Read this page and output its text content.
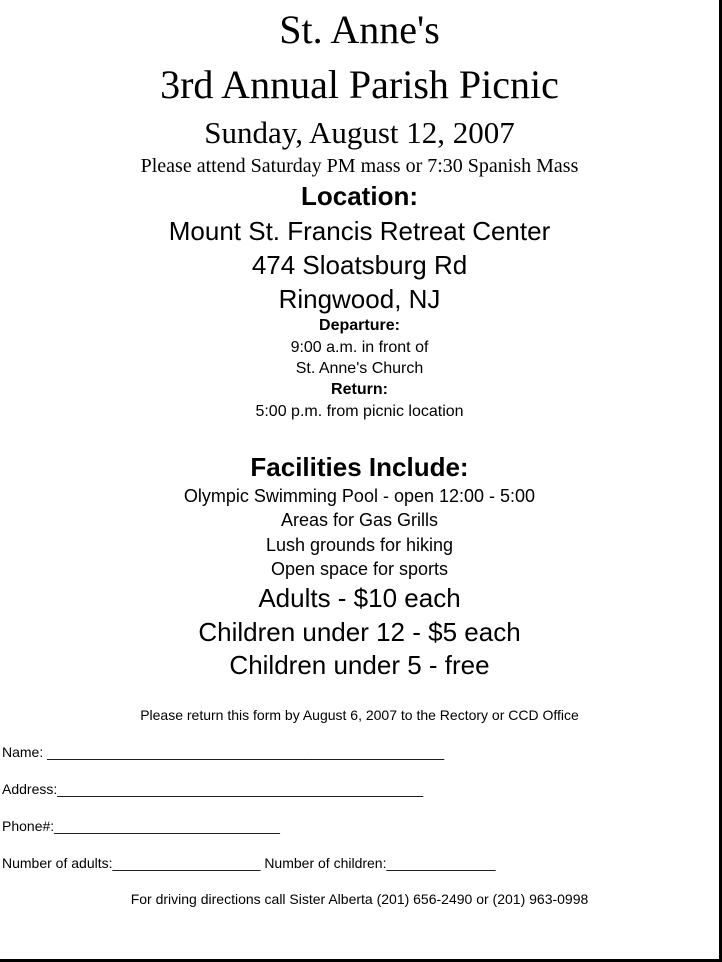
St. Anne's
3rd Annual Parish Picnic
Sunday, August 12, 2007
Please attend Saturday PM mass or 7:30 Spanish Mass
Location:
Mount St. Francis Retreat Center
474 Sloatsburg Rd
Ringwood, NJ
Departure:
9:00 a.m. in front of
St. Anne's Church
Return:
5:00 p.m. from picnic location
Facilities Include:
Olympic Swimming Pool - open 12:00 - 5:00
Areas for Gas Grills
Lush grounds for hiking
Open space for sports
Adults - $10 each
Children under 12 - $5 each
Children under 5 - free
Please return this form by August 6, 2007 to the Rectory or CCD Office
Name: ___________________________________________________
Address:_______________________________________________
Phone#:_____________________________
Number of adults:___________________ Number of children:______________
For driving directions call Sister Alberta (201) 656-2490 or (201) 963-0998
